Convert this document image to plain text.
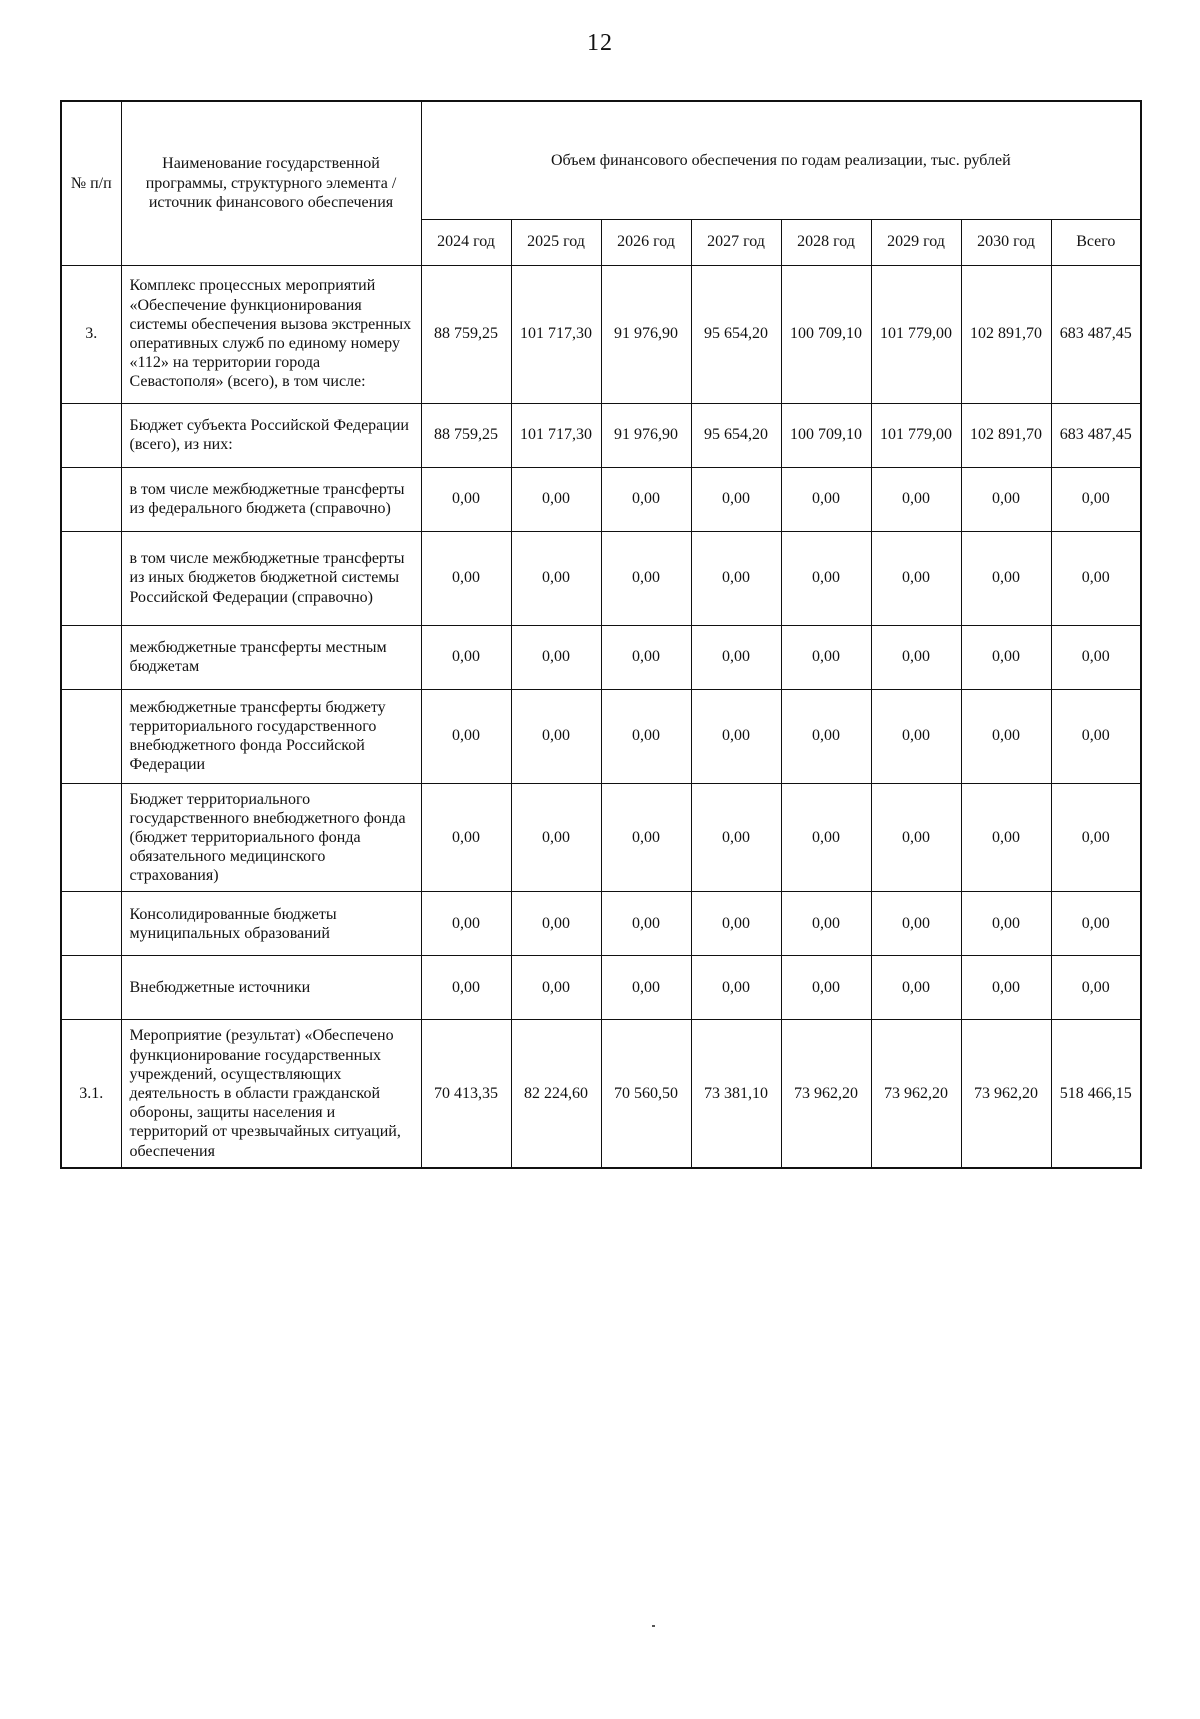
12
№ п/п	Наименование государственной программы, структурного элемента / источник финансового обеспечения	Объем финансового обеспечения по годам реализации, тыс. рублей							
		2024 год	2025 год	2026 год	2027 год	2028 год	2029 год	2030 год	Всего
3.	Комплекс процессных мероприятий «Обеспечение функционирования системы обеспечения вызова экстренных оперативных служб по единому номеру «112» на территории города Севастополя» (всего), в том числе:	88 759,25	101 717,30	91 976,90	95 654,20	100 709,10	101 779,00	102 891,70	683 487,45
	Бюджет субъекта Российской Федерации (всего), из них:	88 759,25	101 717,30	91 976,90	95 654,20	100 709,10	101 779,00	102 891,70	683 487,45
	в том числе межбюджетные трансферты из федерального бюджета (справочно)	0,00	0,00	0,00	0,00	0,00	0,00	0,00	0,00
	в том числе межбюджетные трансферты из иных бюджетов бюджетной системы Российской Федерации (справочно)	0,00	0,00	0,00	0,00	0,00	0,00	0,00	0,00
	межбюджетные трансферты местным бюджетам	0,00	0,00	0,00	0,00	0,00	0,00	0,00	0,00
	межбюджетные трансферты бюджету территориального государственного внебюджетного фонда Российской Федерации	0,00	0,00	0,00	0,00	0,00	0,00	0,00	0,00
	Бюджет территориального государственного внебюджетного фонда (бюджет территориального фонда обязательного медицинского страхования)	0,00	0,00	0,00	0,00	0,00	0,00	0,00	0,00
	Консолидированные бюджеты муниципальных образований	0,00	0,00	0,00	0,00	0,00	0,00	0,00	0,00
	Внебюджетные источники	0,00	0,00	0,00	0,00	0,00	0,00	0,00	0,00
3.1.	Мероприятие (результат) «Обеспечено функционирование государственных учреждений, осуществляющих деятельность в области гражданской обороны, защиты населения и территорий от чрезвычайных ситуаций, обеспечения	70 413,35	82 224,60	70 560,50	73 381,10	73 962,20	73 962,20	73 962,20	518 466,15
